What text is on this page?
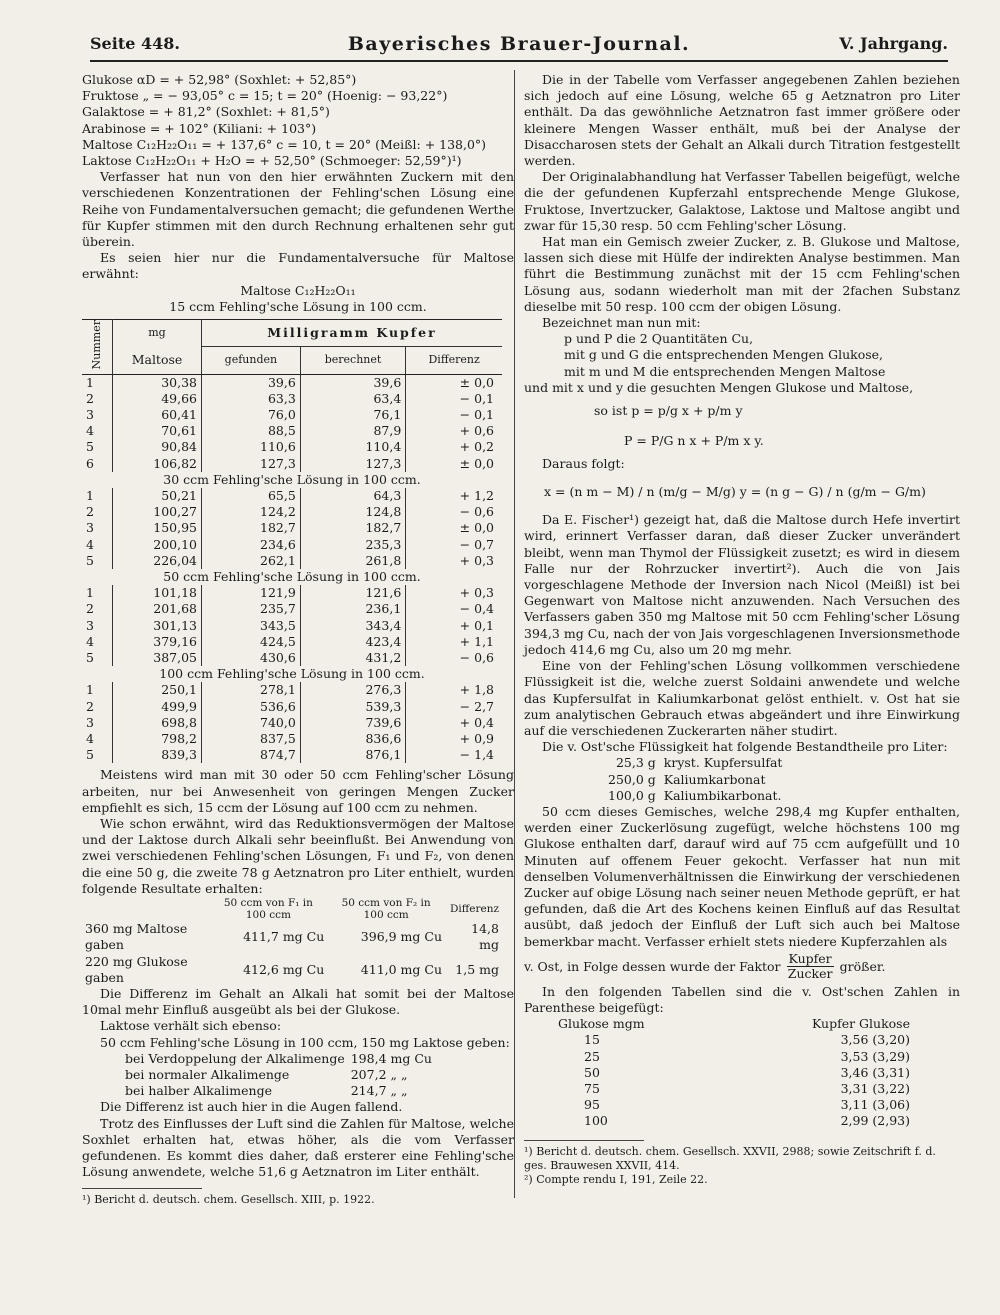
Seite 448.	Bayerisches Brauer-Journal.	V. Jahrgang.

Glukose αD = + 52,98° (Soxhlet: + 52,85°)

Fruktose „ = − 93,05° c = 15; t = 20° (Hoenig: − 93,22°)

Galaktose = + 81,2° (Soxhlet: + 81,5°)

Arabinose = + 102° (Kiliani: + 103°)

Maltose C₁₂H₂₂O₁₁ = + 137,6° c = 10, t = 20° (Meißl: + 138,0°)

Laktose C₁₂H₂₂O₁₁ + H₂O = + 52,50° (Schmoeger: 52,59°)¹)

Verfasser hat nun von den hier erwähnten Zuckern mit den verschiedenen Konzentrationen der Fehling'schen Lösung eine Reihe von Fundamentalversuchen gemacht; die gefundenen Werthe für Kupfer stimmen mit den durch Rechnung erhaltenen sehr gut überein.

Es seien hier nur die Fundamentalversuche für Maltose erwähnt:

Maltose C₁₂H₂₂O₁₁

15 ccm Fehling'sche Lösung in 100 ccm.

Nummer	mg	Milligramm Kupfer		
	Maltose	gefunden	berechnet	Differenz
1	30,38	39,6	39,6	± 0,0
2	49,66	63,3	63,4	− 0,1
3	60,41	76,0	76,1	− 0,1
4	70,61	88,5	87,9	+ 0,6
5	90,84	110,6	110,4	+ 0,2
6	106,82	127,3	127,3	± 0,0
30 ccm Fehling'sche Lösung in 100 ccm.				
1	50,21	65,5	64,3	+ 1,2
2	100,27	124,2	124,8	− 0,6
3	150,95	182,7	182,7	± 0,0
4	200,10	234,6	235,3	− 0,7
5	226,04	262,1	261,8	+ 0,3
50 ccm Fehling'sche Lösung in 100 ccm.				
1	101,18	121,9	121,6	+ 0,3
2	201,68	235,7	236,1	− 0,4
3	301,13	343,5	343,4	+ 0,1
4	379,16	424,5	423,4	+ 1,1
5	387,05	430,6	431,2	− 0,6
100 ccm Fehling'sche Lösung in 100 ccm.				
1	250,1	278,1	276,3	+ 1,8
2	499,9	536,6	539,3	− 2,7
3	698,8	740,0	739,6	+ 0,4
4	798,2	837,5	836,6	+ 0,9
5	839,3	874,7	876,1	− 1,4

Meistens wird man mit 30 oder 50 ccm Fehling'scher Lösung arbeiten, nur bei Anwesenheit von geringen Mengen Zucker empfiehlt es sich, 15 ccm der Lösung auf 100 ccm zu nehmen.

Wie schon erwähnt, wird das Reduktionsvermögen der Maltose und der Laktose durch Alkali sehr beeinflußt. Bei Anwendung von zwei verschiedenen Fehling'schen Lösungen, F₁ und F₂, von denen die eine 50 g, die zweite 78 g Aetznatron pro Liter enthielt, wurden folgende Resultate erhalten:

	50 ccm von F₁ in 100 ccm	50 ccm von F₂ in 100 ccm	Differenz
360 mg Maltose gaben	411,7 mg Cu	396,9 mg Cu	14,8 mg
220 mg Glukose gaben	412,6 mg Cu	411,0 mg Cu	1,5 mg

Die Differenz im Gehalt an Alkali hat somit bei der Maltose 10mal mehr Einfluß ausgeübt als bei der Glukose.

Laktose verhält sich ebenso:

50 ccm Fehling'sche Lösung in 100 ccm, 150 mg Laktose geben:

bei Verdoppelung der Alkalimenge	198,4 mg Cu
bei normaler Alkalimenge	207,2 „ „
bei halber Alkalimenge	214,7 „ „

Die Differenz ist auch hier in die Augen fallend.

Trotz des Einflusses der Luft sind die Zahlen für Maltose, welche Soxhlet erhalten hat, etwas höher, als die vom Verfasser gefundenen. Es kommt dies daher, daß ersterer eine Fehling'sche Lösung anwendete, welche 51,6 g Aetznatron im Liter enthält.

¹) Bericht d. deutsch. chem. Gesellsch. XIII, p. 1922.

Die in der Tabelle vom Verfasser angegebenen Zahlen beziehen sich jedoch auf eine Lösung, welche 65 g Aetznatron pro Liter enthält. Da das gewöhnliche Aetznatron fast immer größere oder kleinere Mengen Wasser enthält, muß bei der Analyse der Disaccharosen stets der Gehalt an Alkali durch Titration festgestellt werden.

Der Originalabhandlung hat Verfasser Tabellen beigefügt, welche die der gefundenen Kupferzahl entsprechende Menge Glukose, Fruktose, Invertzucker, Galaktose, Laktose und Maltose angibt und zwar für 15,30 resp. 50 ccm Fehling'scher Lösung.

Hat man ein Gemisch zweier Zucker, z. B. Glukose und Maltose, lassen sich diese mit Hülfe der indirekten Analyse bestimmen. Man führt die Bestimmung zunächst mit der 15 ccm Fehling'schen Lösung aus, sodann wiederholt man mit der 2fachen Substanz dieselbe mit 50 resp. 100 ccm der obigen Lösung.

Bezeichnet man nun mit:

p und P die 2 Quantitäten Cu,

mit g und G die entsprechenden Mengen Glukose,

mit m und M die entsprechenden Mengen Maltose

und mit x und y die gesuchten Mengen Glukose und Maltose,

so ist p = p/g x + p/m y
P = P/G n x + P/m x y.

Daraus folgt:

x = (n m − M) / n (m/g − M/g) y = (n g − G) / n (g/m − G/m)

Da E. Fischer¹) gezeigt hat, daß die Maltose durch Hefe invertirt wird, erinnert Verfasser daran, daß dieser Zucker unverändert bleibt, wenn man Thymol der Flüssigkeit zusetzt; es wird in diesem Falle nur der Rohrzucker invertirt²). Auch die von Jais vorgeschlagene Methode der Inversion nach Nicol (Meißl) ist bei Gegenwart von Maltose nicht anzuwenden. Nach Versuchen des Verfassers gaben 350 mg Maltose mit 50 ccm Fehling'scher Lösung 394,3 mg Cu, nach der von Jais vorgeschlagenen Inversionsmethode jedoch 414,6 mg Cu, also um 20 mg mehr.

Eine von der Fehling'schen Lösung vollkommen verschiedene Flüssigkeit ist die, welche zuerst Soldaini anwendete und welche das Kupfersulfat in Kaliumkarbonat gelöst enthielt. v. Ost hat sie zum analytischen Gebrauch etwas abgeändert und ihre Einwirkung auf die verschiedenen Zuckerarten näher studirt.

Die v. Ost'sche Flüssigkeit hat folgende Bestandtheile pro Liter:

25,3 g	kryst. Kupfersulfat
250,0 g	Kaliumkarbonat
100,0 g	Kaliumbikarbonat.

50 ccm dieses Gemisches, welche 298,4 mg Kupfer enthalten, werden einer Zuckerlösung zugefügt, welche höchstens 100 mg Glukose enthalten darf, darauf wird auf 75 ccm aufgefüllt und 10 Minuten auf offenem Feuer gekocht. Verfasser hat nun mit denselben Volumenverhältnissen die Einwirkung der verschiedenen Zucker auf obige Lösung nach seiner neuen Methode geprüft, er hat gefunden, daß die Art des Kochens keinen Einfluß auf das Resultat ausübt, daß jedoch der Einfluß der Luft sich auch bei Maltose bemerkbar macht. Verfasser erhielt stets niedere Kupferzahlen als

v. Ost, in Folge dessen wurde der Faktor $\frac{\text{Kupfer}}{\text{Zucker}}$ größer.

In den folgenden Tabellen sind die v. Ost'schen Zahlen in Parenthese beigefügt:

Glukose mgm	Kupfer Glukose
15	3,56 (3,20)
25	3,53 (3,29)
50	3,46 (3,31)
75	3,31 (3,22)
95	3,11 (3,06)
100	2,99 (2,93)

¹) Bericht d. deutsch. chem. Gesellsch. XXVII, 2988; sowie Zeitschrift f. d. ges. Brauwesen XXVII, 414.

²) Compte rendu I, 191, Zeile 22.
